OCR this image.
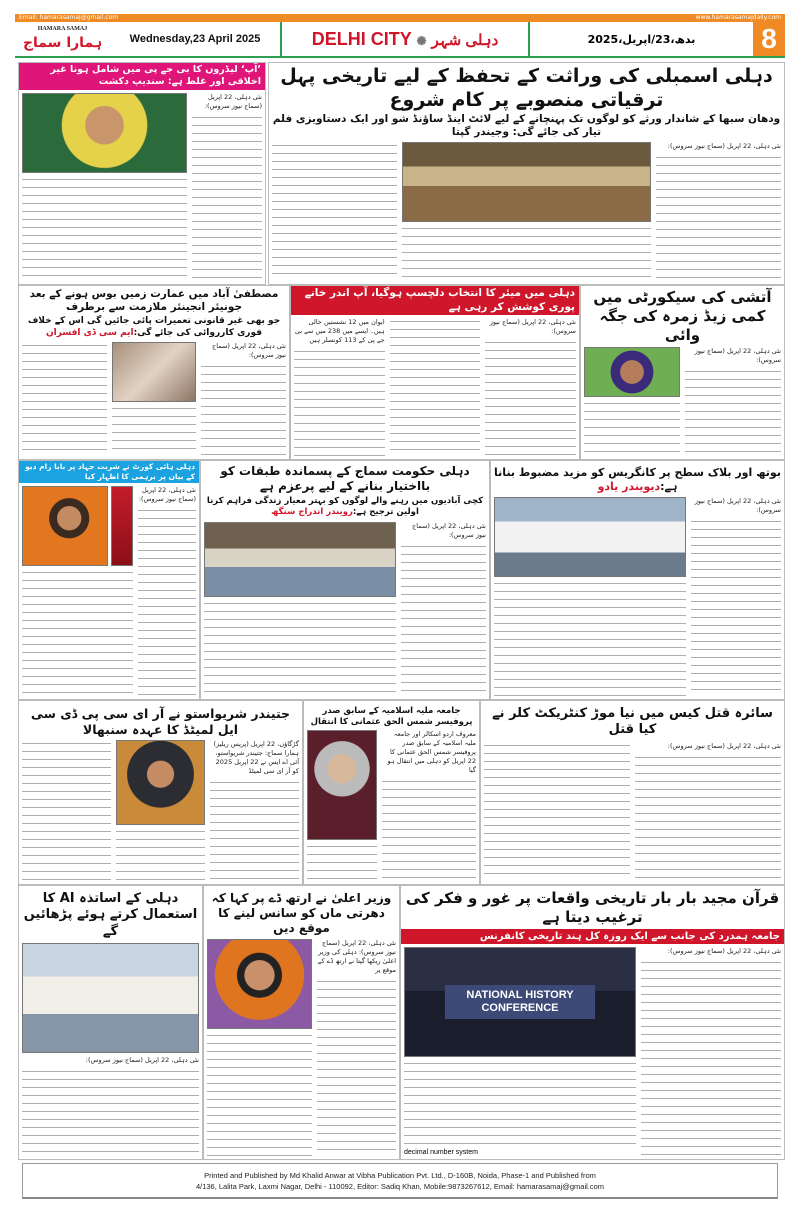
Email: hamarasamaj@gmail.com	www.hamarasamajdaily.com
HAMARA SAMAJ
ہمارا سماج	Wednesday,23 April 2025	DELHI CITY ✺ دہلی شہر	بدھ،23/اپریل،2025	8
دہلی اسمبلی کی وراثت کے تحفظ کے لیے تاریخی پہل ترقیاتی منصوبے پر کام شروع
ودھان سبھا کے شاندار ورثے کو لوگوں تک پہنچانے کے لیے لائٹ اینڈ ساؤنڈ شو اور ایک دستاویزی فلم تیار کی جائے گی: وجیندر گپتا
نئی دہلی، 22 اپریل (سماج نیوز سروس):
’آپ‘ لیڈروں کا بی جے پی میں شامل ہونا غیر اخلاقی اور غلط ہے: سندیپ دکشت
نئی دہلی، 22 اپریل (سماج نیوز سروس):
مصطفیٰ آباد میں عمارت زمیں بوس ہونے کے بعد جونیئر انجینئر ملازمت سے برطرف
جو بھی غیر قانونی تعمیرات پائی جائیں گی اس کے خلاف فوری کارروائی کی جائے گی:ایم سی ڈی افسران
نئی دہلی، 22 اپریل (سماج نیوز سروس):
دہلی میں میئر کا انتخاب دلچسپ ہوگیا، آپ اندر خانے پوری کوشش کر رہی ہے
نئی دہلی، 22 اپریل (سماج نیوز سروس):
ایوان میں 12 نشستیں خالی ہیں۔ ایسے میں 238 میں سے بی جے پی کے 113 کونسلر ہیں
آتشی کی سیکورٹی میں کمی زیڈ زمرہ کی جگہ وائی
نئی دہلی، 22 اپریل (سماج نیوز سروس):
دہلی ہائی کورٹ نے شربت جہاد پر بابا رام دیو کے بیان پر برہمی کا اظہار کیا
نئی دہلی، 22 اپریل (سماج نیوز سروس):
دہلی حکومت سماج کے پسماندہ طبقات کو بااختیار بنانے کے لیے پرعزم ہے
کچی آبادیوں میں رہنے والے لوگوں کو بہتر معیار زندگی فراہم کرنا اولین ترجیح ہے:رویندر اندراج سنگھ
نئی دہلی، 22 اپریل (سماج نیوز سروس):
بوتھ اور بلاک سطح پر کانگریس کو مزید مضبوط بنانا ہے:دیویندر یادو
نئی دہلی، 22 اپریل (سماج نیوز سروس):
جتیندر شریواستو نے آر ای سی پی ڈی سی ایل لمیٹڈ کا عہدہ سنبھالا
گڑگاؤں، 22 اپریل (پریس ریلیز) ہمارا سماج: جتیندر شریواستو، آئی اے ایس نے 22 اپریل 2025 کو آر ای سی لمیٹڈ
جامعہ ملیہ اسلامیہ کے سابق صدر پروفیسر شمس الحق عثمانی کا انتقال
معروف اردو اسکالر اور جامعہ ملیہ اسلامیہ کے سابق صدر پروفیسر شمس الحق عثمانی کا 22 اپریل کو دہلی میں انتقال ہو گیا
سائرہ قتل کیس میں نیا موڑ کنٹریکٹ کلر نے کیا قتل
نئی دہلی، 22 اپریل (سماج نیوز سروس):
دہلی کے اساتذہ AI کا استعمال کرتے ہوئے پڑھائیں گے
نئی دہلی، 22 اپریل (سماج نیوز سروس):
وزیر اعلیٰ نے ارتھ ڈے پر کہا کہ دھرتی ماں کو سانس لینے کا موقع دیں
نئی دہلی، 22 اپریل (سماج نیوز سروس): دہلی کی وزیر اعلیٰ ریکھا گپتا نے ارتھ ڈے کے موقع پر
قرآن مجید بار بار تاریخی واقعات پر غور و فکر کی ترغیب دیتا ہے
جامعہ ہمدرد کی جانب سے ایک روزہ کل ہند تاریخی کانفرنس
نئی دہلی، 22 اپریل (سماج نیوز سروس):
NATIONAL HISTORY CONFERENCE
decimal number system
Printed and Published by Md Khalid Anwar at Vibha Publication Pvt. Ltd., D-160B, Noida, Phase-1 and Published from
4/136, Lalita Park, Laxmi Nagar, Delhi - 110092, Editor: Sadiq Khan, Mobile:9873267612, Email: hamarasamaj@gmail.com
